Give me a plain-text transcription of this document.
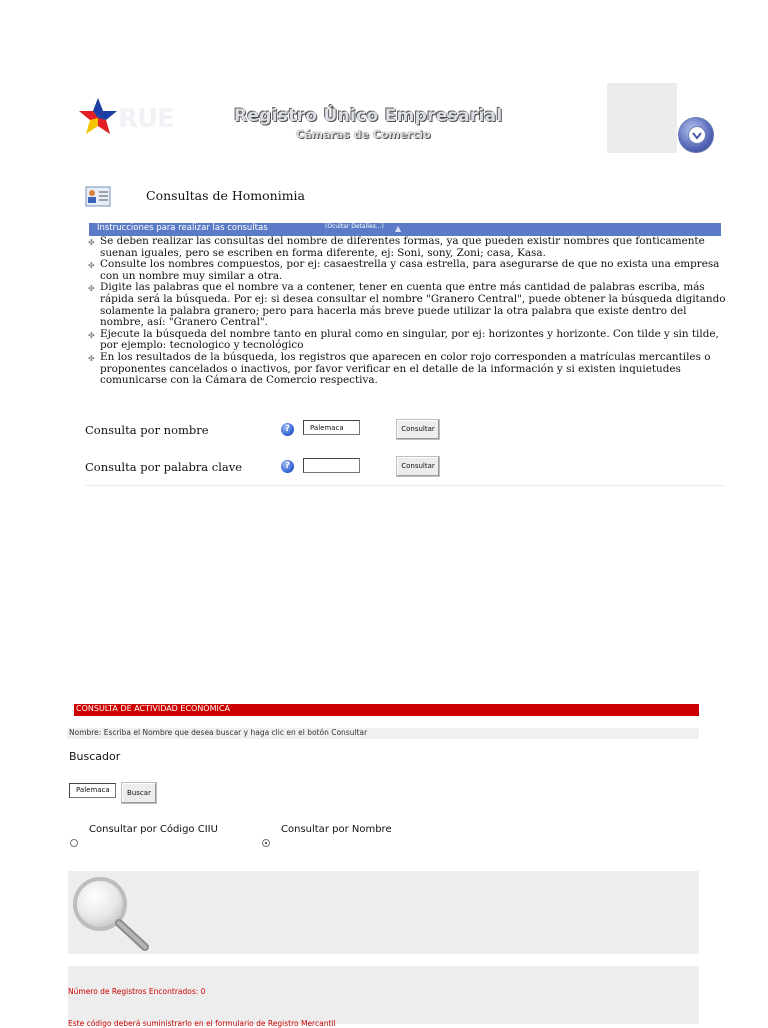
RUE	Registro Único Empresarial
Cámaras de Comercio
Consultas de Homonimia
Instrucciones para realizar las consultas	(Ocultar Detalles...) ▲
✤ Se deben realizar las consultas del nombre de diferentes formas, ya que pueden existir nombres que fonticamente suenan iguales, pero se escriben en forma diferente, ej: Soni, sony, Zoni; casa, Kasa.
✤ Consulte los nombres compuestos, por ej: casaestrella y casa estrella, para asegurarse de que no exista una empresa con un nombre muy similar a otra.
✤ Digite las palabras que el nombre va a contener, tener en cuenta que entre más cantidad de palabras escriba, más rápida será la búsqueda. Por ej: si desea consultar el nombre "Granero Central", puede obtener la búsqueda digitando solamente la palabra granero; pero para hacerla más breve puede utilizar la otra palabra que existe dentro del nombre, así: "Granero Central".
✤ Ejecute la búsqueda del nombre tanto en plural como en singular, por ej: horizontes y horizonte. Con tilde y sin tilde, por ejemplo: tecnologico y tecnológico
✤ En los resultados de la búsqueda, los registros que aparecen en color rojo corresponden a matrículas mercantiles o proponentes cancelados o inactivos, por favor verificar en el detalle de la información y si existen inquietudes comunicarse con la Cámara de Comercio respectiva.
Consulta por nombre	?	Palemaca	Consultar
Consulta por palabra clave	?	Consultar
CONSULTA DE ACTIVIDAD ECONÓMICA
Nombre: Escriba el Nombre que desea buscar y haga clic en el botón Consultar
Buscador
Palemaca	Buscar
Consultar por Código CIIU	Consultar por Nombre
Número de Registros Encontrados: 0
Este código deberá suministrarlo en el formulario de Registro Mercantil
